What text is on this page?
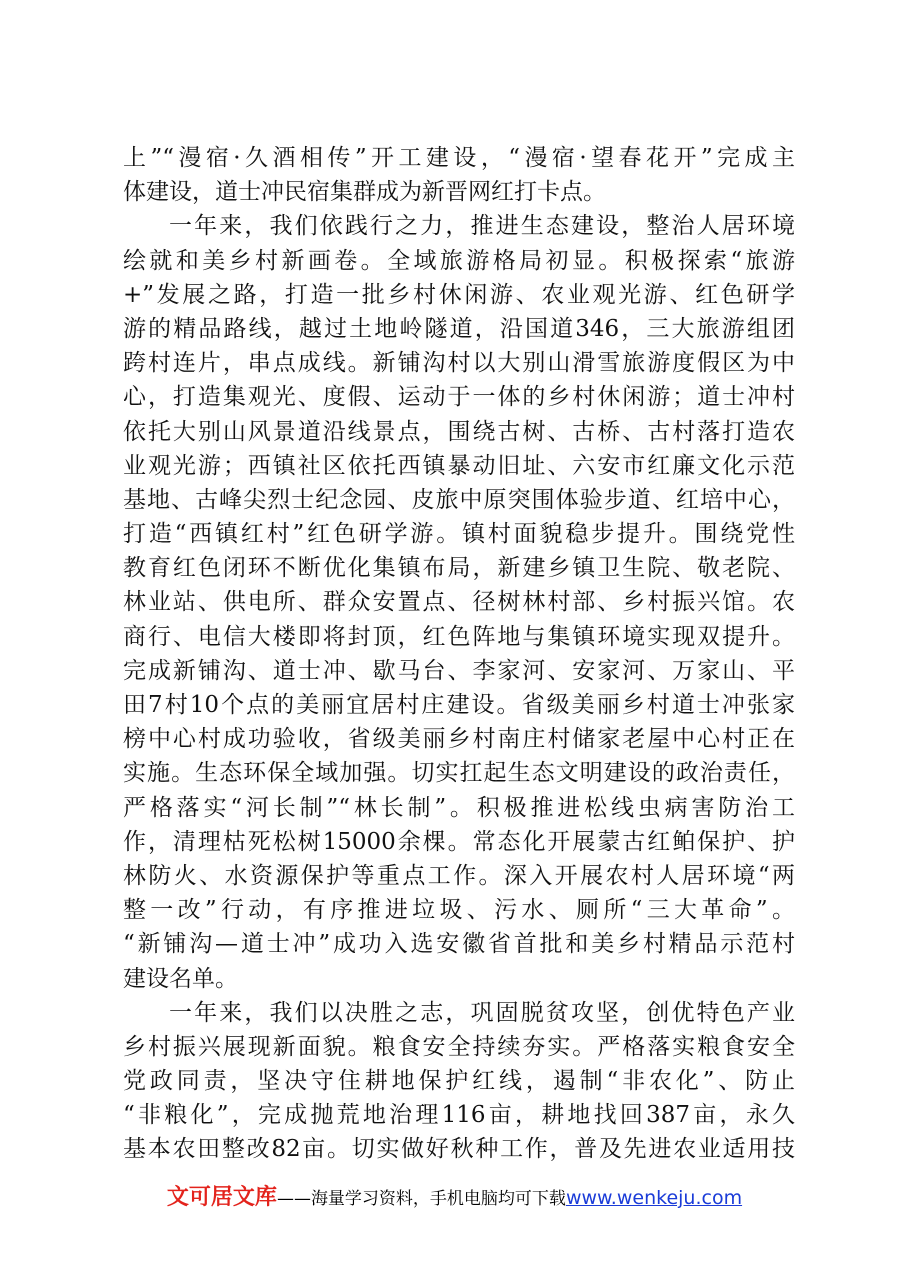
上”“漫宿·久酒相传”开工建设，“漫宿·望春花开”完成主
体建设，道士冲民宿集群成为新晋网红打卡点。
一年来，我们依践行之力，推进生态建设，整治人居环境
绘就和美乡村新画卷。全域旅游格局初显。积极探索“旅游
+”发展之路，打造一批乡村休闲游、农业观光游、红色研学
游的精品路线，越过土地岭隧道，沿国道346，三大旅游组团
跨村连片，串点成线。新铺沟村以大别山滑雪旅游度假区为中
心，打造集观光、度假、运动于一体的乡村休闲游；道士冲村
依托大别山风景道沿线景点，围绕古树、古桥、古村落打造农
业观光游；西镇社区依托西镇暴动旧址、六安市红廉文化示范
基地、古峰尖烈士纪念园、皮旅中原突围体验步道、红培中心，
打造“西镇红村”红色研学游。镇村面貌稳步提升。围绕党性
教育红色闭环不断优化集镇布局，新建乡镇卫生院、敬老院、
林业站、供电所、群众安置点、径树林村部、乡村振兴馆。农
商行、电信大楼即将封顶，红色阵地与集镇环境实现双提升。
完成新铺沟、道士冲、歇马台、李家河、安家河、万家山、平
田7村10个点的美丽宜居村庄建设。省级美丽乡村道士冲张家
榜中心村成功验收，省级美丽乡村南庄村储家老屋中心村正在
实施。生态环保全域加强。切实扛起生态文明建设的政治责任，
严格落实“河长制”“林长制”。积极推进松线虫病害防治工
作，清理枯死松树15000余棵。常态化开展蒙古红鲌保护、护
林防火、水资源保护等重点工作。深入开展农村人居环境“两
整一改”行动，有序推进垃圾、污水、厕所“三大革命”。
“新铺沟—道士冲”成功入选安徽省首批和美乡村精品示范村
建设名单。
一年来，我们以决胜之志，巩固脱贫攻坚，创优特色产业
乡村振兴展现新面貌。粮食安全持续夯实。严格落实粮食安全
党政同责，坚决守住耕地保护红线，遏制“非农化”、防止
“非粮化”，完成抛荒地治理116亩，耕地找回387亩，永久
基本农田整改82亩。切实做好秋种工作，普及先进农业适用技
文可居文库——海量学习资料，手机电脑均可下载www.wenkeju.com
